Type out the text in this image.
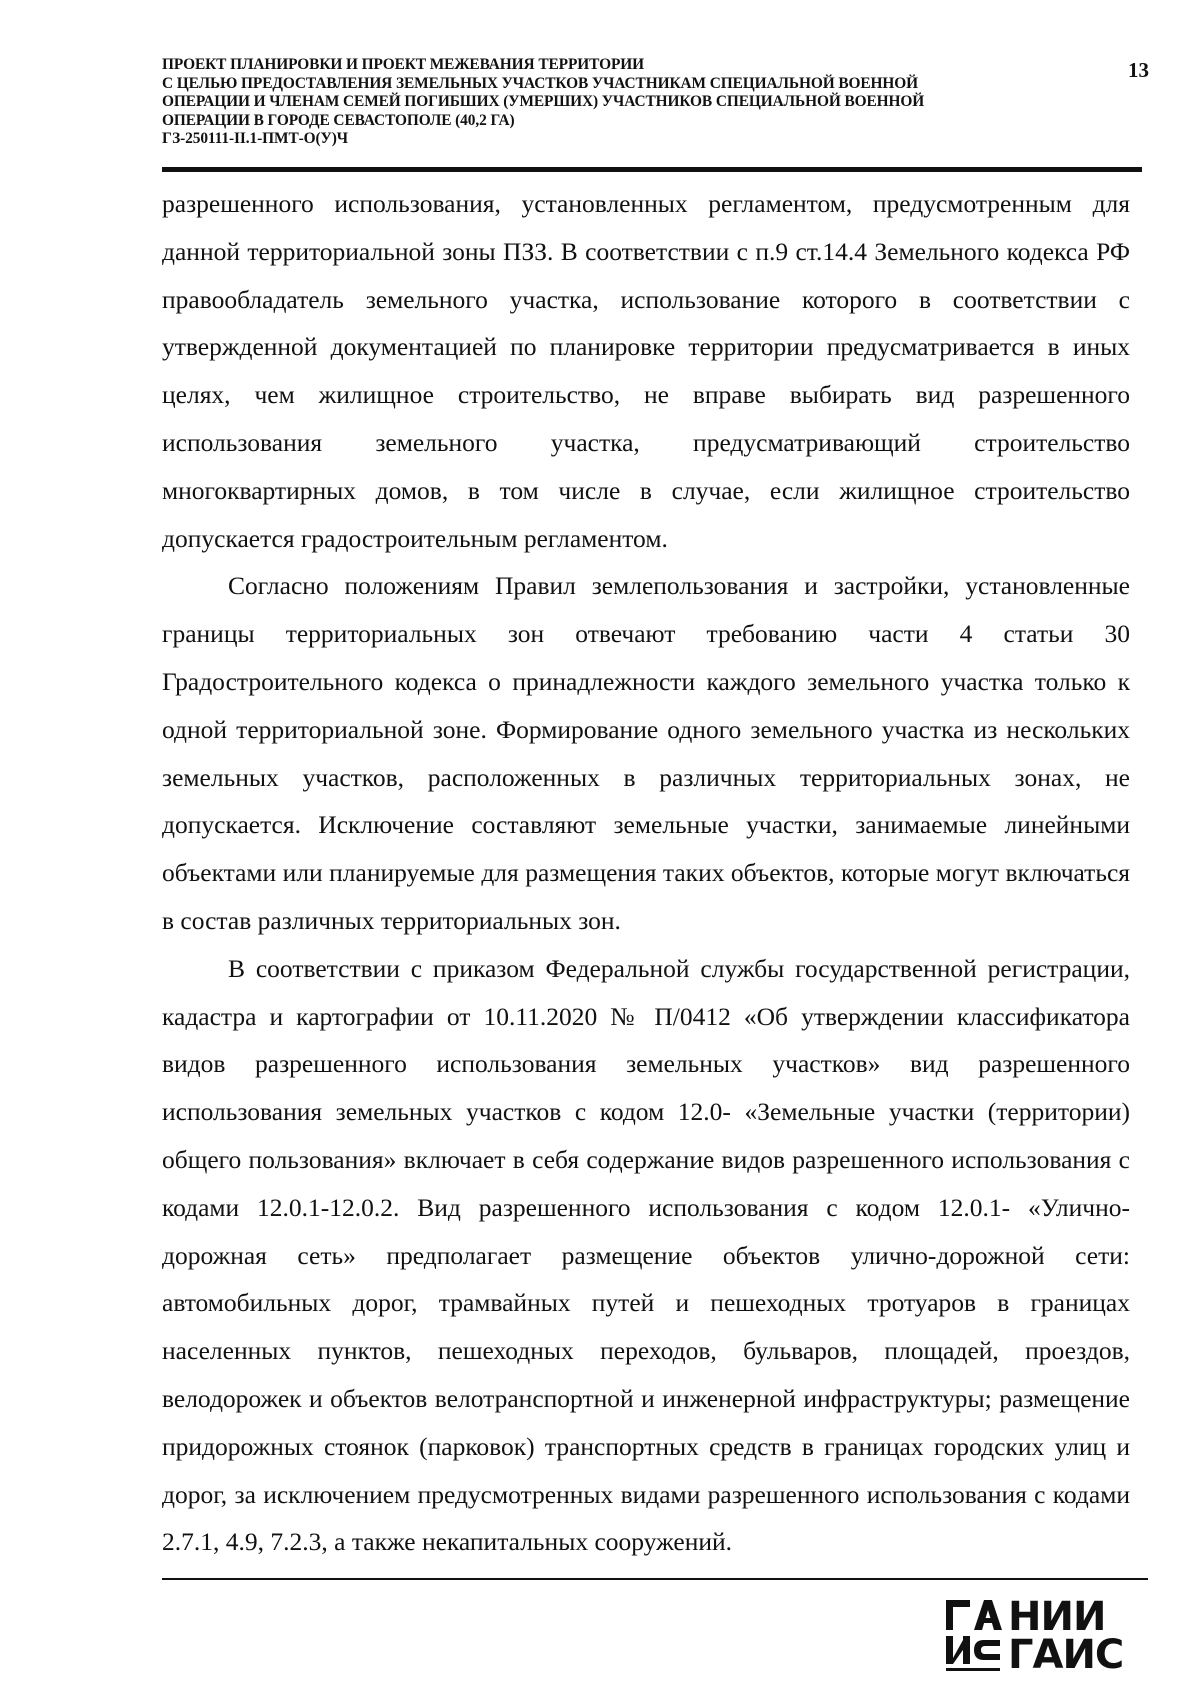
ПРОЕКТ ПЛАНИРОВКИ И ПРОЕКТ МЕЖЕВАНИЯ ТЕРРИТОРИИ
С ЦЕЛЬЮ ПРЕДОСТАВЛЕНИЯ ЗЕМЕЛЬНЫХ УЧАСТКОВ УЧАСТНИКАМ СПЕЦИАЛЬНОЙ ВОЕННОЙ
ОПЕРАЦИИ И ЧЛЕНАМ СЕМЕЙ ПОГИБШИХ (УМЕРШИХ) УЧАСТНИКОВ СПЕЦИАЛЬНОЙ ВОЕННОЙ
ОПЕРАЦИИ В ГОРОДЕ СЕВАСТОПОЛЕ (40,2 ГА)
ГЗ-250111-II.1-ПМТ-О(У)Ч
13

разрешенного использования, установленных регламентом, предусмотренным для данной территориальной зоны ПЗЗ. В соответствии с п.9 ст.14.4 Земельного кодекса РФ правообладатель земельного участка, использование которого в соответствии с утвержденной документацией по планировке территории предусматривается в иных целях, чем жилищное строительство, не вправе выбирать вид разрешенного использования земельного участка, предусматривающий строительство многоквартирных домов, в том числе в случае, если жилищное строительство допускается градостроительным регламентом.

Согласно положениям Правил землепользования и застройки, установленные границы территориальных зон отвечают требованию части 4 статьи 30 Градостроительного кодекса о принадлежности каждого земельного участка только к одной территориальной зоне. Формирование одного земельного участка из нескольких земельных участков, расположенных в различных территориальных зонах, не допускается. Исключение составляют земельные участки, занимаемые линейными объектами или планируемые для размещения таких объектов, которые могут включаться в состав различных территориальных зон.

В соответствии с приказом Федеральной службы государственной регистрации, кадастра и картографии от 10.11.2020 № П/0412 «Об утверждении классификатора видов разрешенного использования земельных участков» вид разрешенного использования земельных участков с кодом 12.0- «Земельные участки (территории) общего пользования» включает в себя содержание видов разрешенного использования с кодами 12.0.1-12.0.2. Вид разрешенного использования с кодом 12.0.1- «Улично-дорожная сеть» предполагает размещение объектов улично-дорожной сети: автомобильных дорог, трамвайных путей и пешеходных тротуаров в границах населенных пунктов, пешеходных переходов, бульваров, площадей, проездов, велодорожек и объектов велотранспортной и инженерной инфраструктуры; размещение придорожных стоянок (парковок) транспортных средств в границах городских улиц и дорог, за исключением предусмотренных видами разрешенного использования с кодами 2.7.1, 4.9, 7.2.3, а также некапитальных сооружений.

НИИ
ГАИС
